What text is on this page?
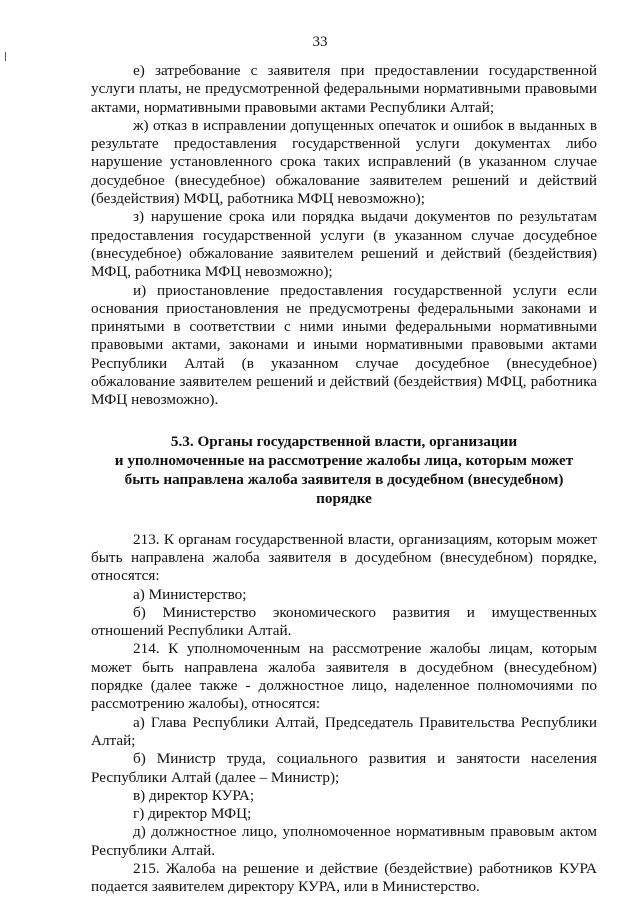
33

е) затребование с заявителя при предоставлении государственной услуги платы, не предусмотренной федеральными нормативными правовыми актами, нормативными правовыми актами Республики Алтай;

ж) отказ в исправлении допущенных опечаток и ошибок в выданных в результате предоставления государственной услуги документах либо нарушение установленного срока таких исправлений (в указанном случае досудебное (внесудебное) обжалование заявителем решений и действий (бездействия) МФЦ, работника МФЦ невозможно);

з) нарушение срока или порядка выдачи документов по результатам предоставления государственной услуги (в указанном случае досудебное (внесудебное) обжалование заявителем решений и действий (бездействия) МФЦ, работника МФЦ невозможно);

и) приостановление предоставления государственной услуги если основания приостановления не предусмотрены федеральными законами и принятыми в соответствии с ними иными федеральными нормативными правовыми актами, законами и иными нормативными правовыми актами Республики Алтай (в указанном случае досудебное (внесудебное) обжалование заявителем решений и действий (бездействия) МФЦ, работника МФЦ невозможно).

5.3. Органы государственной власти, организации
и уполномоченные на рассмотрение жалобы лица, которым может
быть направлена жалоба заявителя в досудебном (внесудебном)
порядке

213. К органам государственной власти, организациям, которым может быть направлена жалоба заявителя в досудебном (внесудебном) порядке, относятся:

а) Министерство;

б) Министерство экономического развития и имущественных отношений Республики Алтай.

214. К уполномоченным на рассмотрение жалобы лицам, которым может быть направлена жалоба заявителя в досудебном (внесудебном) порядке (далее также - должностное лицо, наделенное полномочиями по рассмотрению жалобы), относятся:

а) Глава Республики Алтай, Председатель Правительства Республики Алтай;

б) Министр труда, социального развития и занятости населения Республики Алтай (далее – Министр);

в) директор КУРА;

г) директор МФЦ;

д) должностное лицо, уполномоченное нормативным правовым актом Республики Алтай.

215. Жалоба на решение и действие (бездействие) работников КУРА подается заявителем директору КУРА, или в Министерство.
